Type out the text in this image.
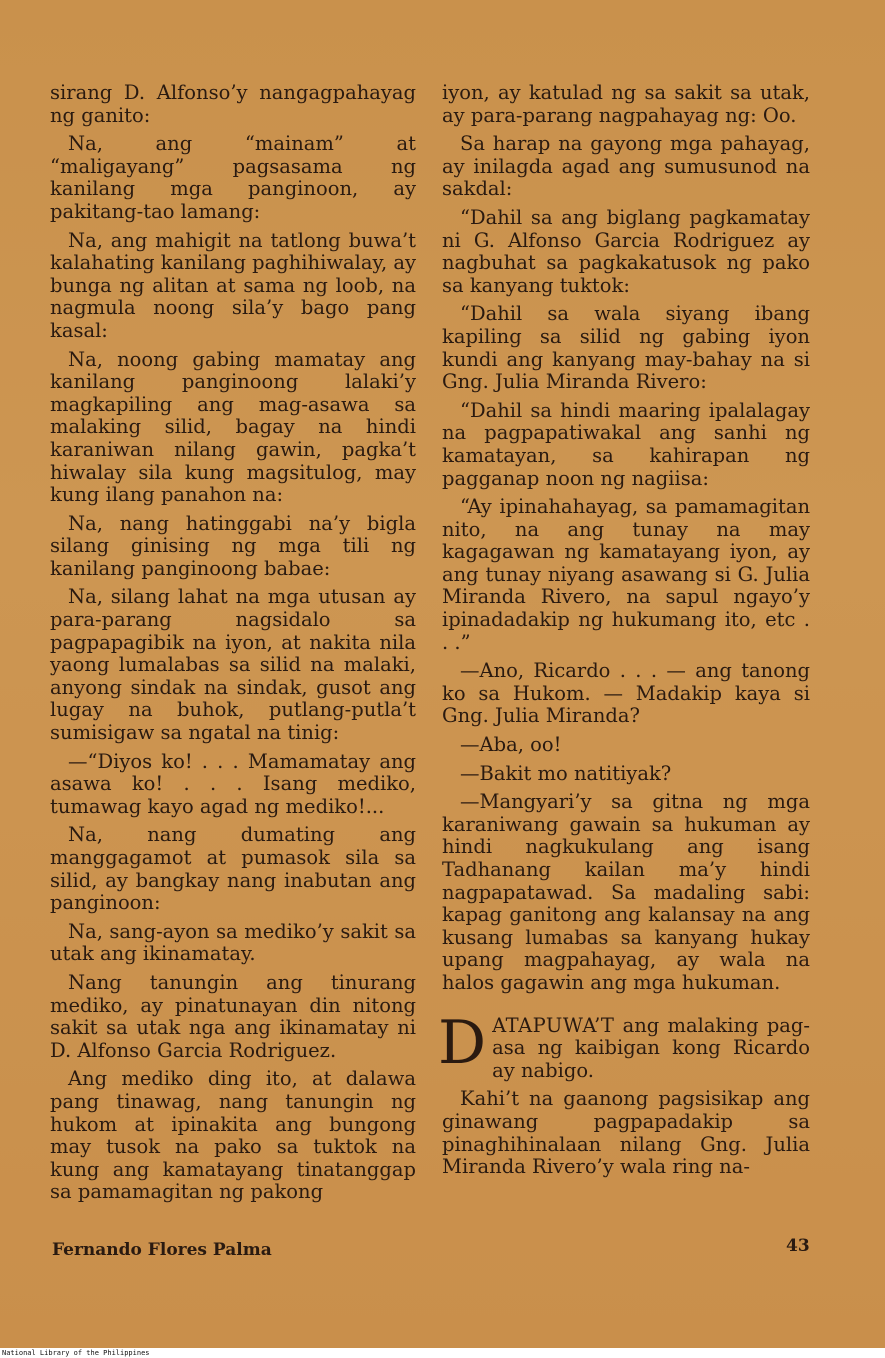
sirang D. Alfonso’y nangagpahayag ng ganito:

Na, ang “mainam” at “maligayang” pagsasama ng kanilang mga panginoon, ay pakitang-tao lamang:

Na, ang mahigit na tatlong buwa’t kalahating kanilang paghihiwalay, ay bunga ng alitan at sama ng loob, na nagmula noong sila’y bago pang kasal:

Na, noong gabing mamatay ang kanilang panginoong lalaki’y magkapiling ang mag-asawa sa malaking silid, bagay na hindi karaniwan nilang gawin, pagka’t hiwalay sila kung magsitulog, may kung ilang panahon na:

Na, nang hatinggabi na’y bigla silang ginising ng mga tili ng kanilang panginoong babae:

Na, silang lahat na mga utusan ay para-parang nagsidalo sa pagpapagibik na iyon, at nakita nila yaong lumalabas sa silid na malaki, anyong sindak na sindak, gusot ang lugay na buhok, putlang-putla’t sumisigaw sa ngatal na tinig:

—“Diyos ko! . . . Mamamatay ang asawa ko! . . . Isang mediko, tumawag kayo agad ng mediko!...

Na, nang dumating ang manggagamot at pumasok sila sa silid, ay bangkay nang inabutan ang panginoon:

Na, sang-ayon sa mediko’y sakit sa utak ang ikinamatay.

Nang tanungin ang tinurang mediko, ay pinatunayan din nitong sakit sa utak nga ang ikinamatay ni D. Alfonso Garcia Rodriguez.

Ang mediko ding ito, at dalawa pang tinawag, nang tanungin ng hukom at ipinakita ang bungong may tusok na pako sa tuktok na kung ang kamatayang tinatanggap sa pamamagitan ng pakong

iyon, ay katulad ng sa sakit sa utak, ay para-parang nagpahayag ng: Oo.

Sa harap na gayong mga pahayag, ay inilagda agad ang sumusunod na sakdal:

“Dahil sa ang biglang pagkamatay ni G. Alfonso Garcia Rodriguez ay nagbuhat sa pagkakatusok ng pako sa kanyang tuktok:

“Dahil sa wala siyang ibang kapiling sa silid ng gabing iyon kundi ang kanyang may-bahay na si Gng. Julia Miranda Rivero:

“Dahil sa hindi maaring ipalalagay na pagpapatiwakal ang sanhi ng kamatayan, sa kahirapan ng pagganap noon ng nagiisa:

“Ay ipinahahayag, sa pamamagitan nito, na ang tunay na may kagagawan ng kamatayang iyon, ay ang tunay niyang asawang si G. Julia Miranda Rivero, na sapul ngayo’y ipinadadakip ng hukumang ito, etc . . .”

—Ano, Ricardo . . . — ang tanong ko sa Hukom. — Madakip kaya si Gng. Julia Miranda?

—Aba, oo!

—Bakit mo natitiyak?

—Mangyari’y sa gitna ng mga karaniwang gawain sa hukuman ay hindi nagkukulang ang isang Tadhanang kailan ma’y hindi nagpapatawad. Sa madaling sabi: kapag ganitong ang kalansay na ang kusang lumabas sa kanyang hukay upang magpahayag, ay wala na halos gagawin ang mga hukuman.

DATAPUWA’T ang malaking pag-asa ng kaibigan kong Ricardo ay nabigo.

Kahi’t na gaanong pagsisikap ang ginawang pagpapadakip sa pinaghihinalaan nilang Gng. Julia Miranda Rivero’y wala ring na-

Fernando Flores Palma	43
National Library of the Philippines
